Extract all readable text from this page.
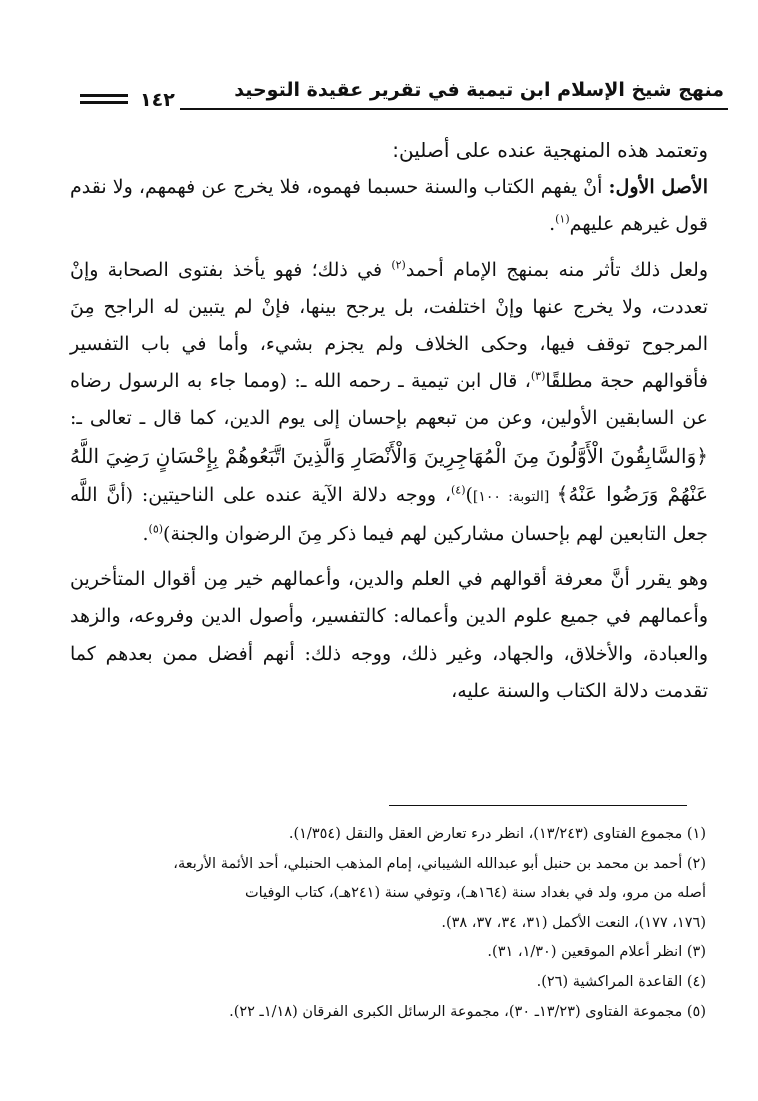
منهج شيخ الإسلام ابن تيمية في تقرير عقيدة التوحيد
١٤٢

وتعتمد هذه المنهجية عنده على أصلين:

الأصل الأول: أنْ يفهم الكتاب والسنة حسبما فهموه، فلا يخرج عن فهمهم، ولا نقدم قول غيرهم عليهم$^{(١)}$.

ولعل ذلك تأثر منه بمنهج الإمام أحمد$^{(٢)}$ في ذلك؛ فهو يأخذ بفتوى الصحابة وإنْ تعددت، ولا يخرج عنها وإنْ اختلفت، بل يرجح بينها، فإنْ لم يتبين له الراجح مِنَ المرجوح توقف فيها، وحكى الخلاف ولم يجزم بشيء، وأما في باب التفسير فأقوالهم حجة مطلقًا$^{(٣)}$، قال ابن تيمية ـ رحمه الله ـ: (ومما جاء به الرسول رضاه عن السابقين الأولين، وعن من تبعهم بإحسان إلى يوم الدين، كما قال ـ تعالى ـ: ﴿وَالسَّابِقُونَ الْأَوَّلُونَ مِنَ الْمُهَاجِرِينَ وَالْأَنْصَارِ وَالَّذِينَ اتَّبَعُوهُمْ بِإِحْسَانٍ رَضِيَ اللَّهُ عَنْهُمْ وَرَضُوا عَنْهُ﴾ [التوبة: ١٠٠])$^{(٤)}$، ووجه دلالة الآية عنده على الناحيتين: (أنَّ اللَّه جعل التابعين لهم بإحسان مشاركين لهم فيما ذكر مِنَ الرضوان والجنة)$^{(٥)}$.

وهو يقرر أنَّ معرفة أقوالهم في العلم والدين، وأعمالهم خير مِن أقوال المتأخرين وأعمالهم في جميع علوم الدين وأعماله: كالتفسير، وأصول الدين وفروعه، والزهد والعبادة، والأخلاق، والجهاد، وغير ذلك، ووجه ذلك: أنهم أفضل ممن بعدهم كما تقدمت دلالة الكتاب والسنة عليه،

(١) مجموع الفتاوى (١٣/٢٤٣)، انظر درء تعارض العقل والنقل (١/٣٥٤).
(٢) أحمد بن محمد بن حنبل أبو عبدالله الشيباني، إمام المذهب الحنبلي، أحد الأئمة الأربعة،
أصله من مرو، ولد في بغداد سنة (١٦٤هـ)، وتوفي سنة (٢٤١هـ)، كتاب الوفيات
(١٧٦، ١٧٧)، النعت الأكمل (٣١، ٣٤، ٣٧، ٣٨).
(٣) انظر أعلام الموقعين (١/٣٠، ٣١).
(٤) القاعدة المراكشية (٢٦).
(٥) مجموعة الفتاوى (١٣/٢٣ـ ٣٠)، مجموعة الرسائل الكبرى الفرقان (١/١٨ـ ٢٢).
